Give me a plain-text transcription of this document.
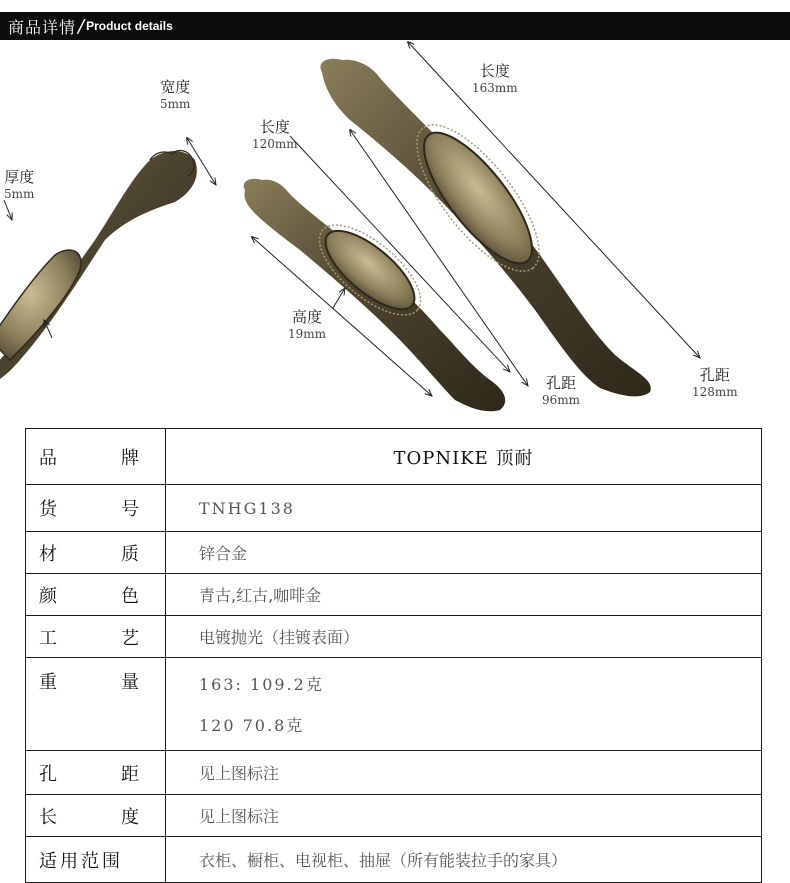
商品详情 / Product details
厚度
5mm
宽度
5mm
长度
120mm
高度
19mm
孔距
96mm
长度
163mm
孔距
128mm
品 牌	TOPNIKE 顶耐

货 号	TNHG138

材 质	锌合金

颜 色	青古,红古,咖啡金

工 艺	电镀抛光（挂镀表面）

重 量	163: 109.2克
120 70.8克

孔 距	见上图标注

长 度	见上图标注

适用范围	衣柜、橱柜、电视柜、抽屉（所有能装拉手的家具）
